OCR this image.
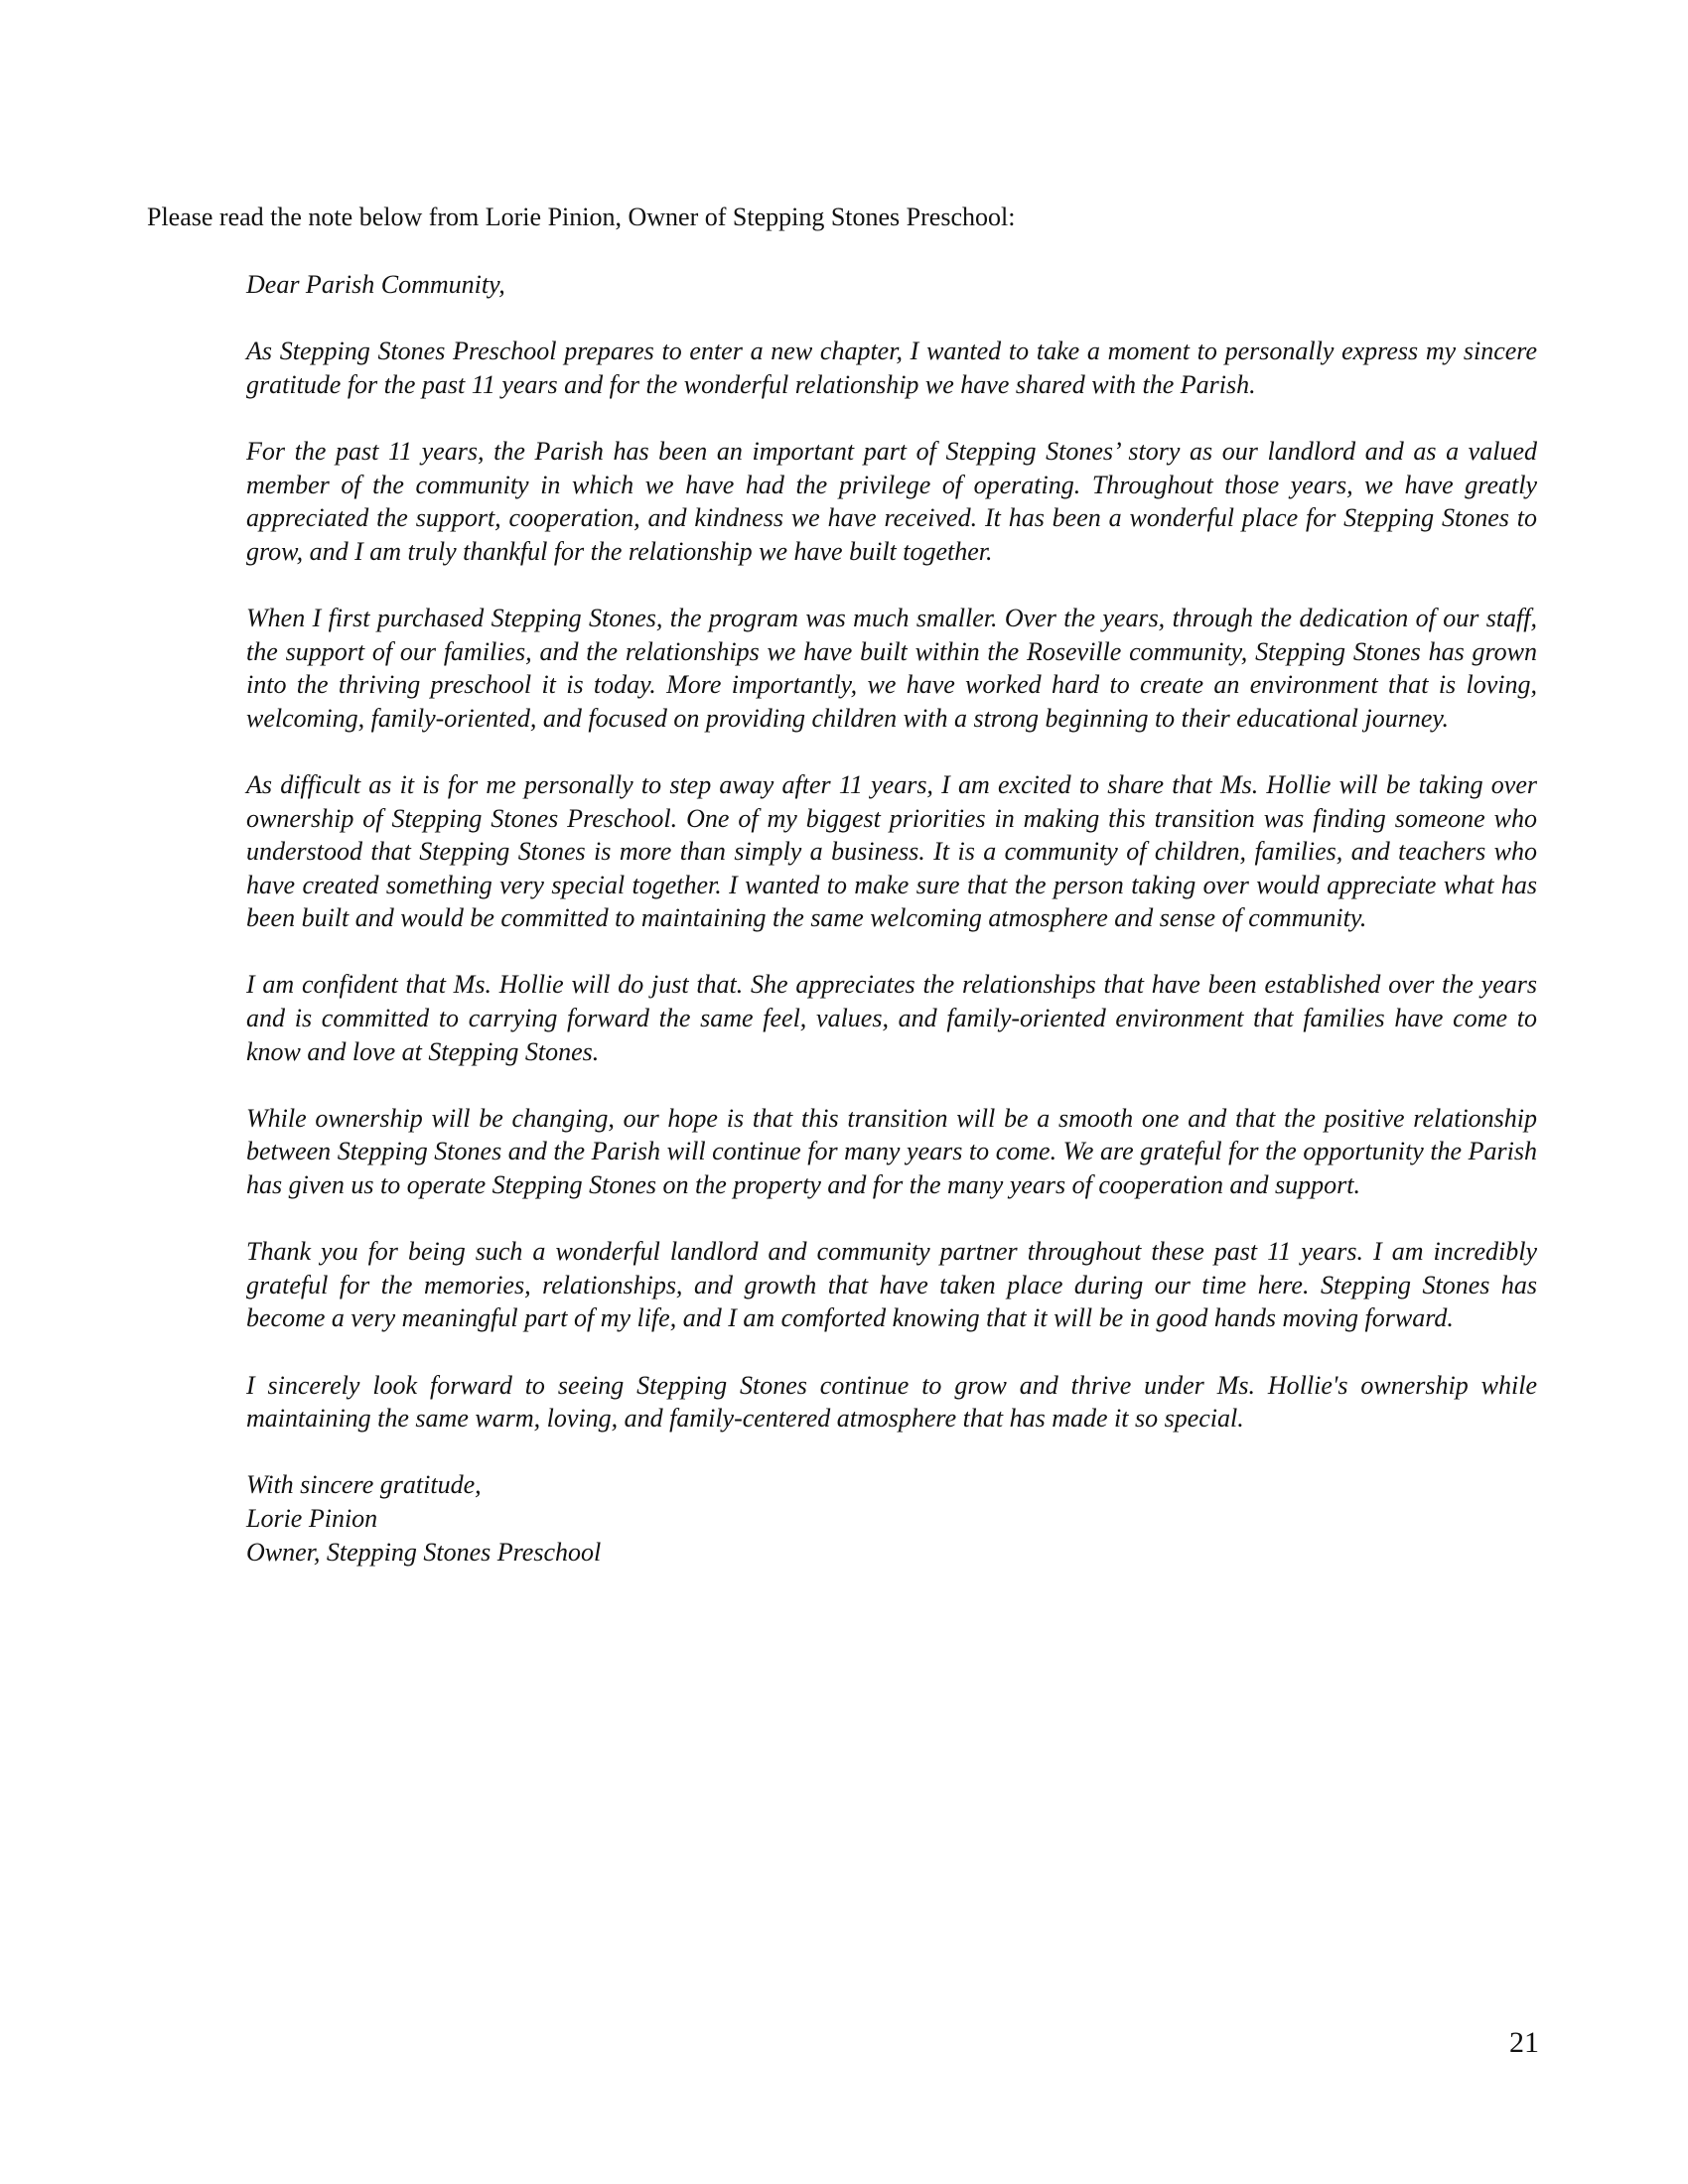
Please read the note below from Lorie Pinion, Owner of Stepping Stones Preschool:

Dear Parish Community,

As Stepping Stones Preschool prepares to enter a new chapter, I wanted to take a moment to personally express my sincere gratitude for the past 11 years and for the wonderful relationship we have shared with the Parish.

For the past 11 years, the Parish has been an important part of Stepping Stones’ story as our landlord and as a valued member of the community in which we have had the privilege of operating. Throughout those years, we have greatly appreciated the support, cooperation, and kindness we have received. It has been a wonderful place for Stepping Stones to grow, and I am truly thankful for the relationship we have built together.

When I first purchased Stepping Stones, the program was much smaller. Over the years, through the dedication of our staff, the support of our families, and the relationships we have built within the Roseville community, Stepping Stones has grown into the thriving preschool it is today. More importantly, we have worked hard to create an environment that is loving, welcoming, family-oriented, and focused on providing children with a strong beginning to their educational journey.

As difficult as it is for me personally to step away after 11 years, I am excited to share that Ms. Hollie will be taking over ownership of Stepping Stones Preschool. One of my biggest priorities in making this transition was finding someone who understood that Stepping Stones is more than simply a business. It is a community of children, families, and teachers who have created something very special together. I wanted to make sure that the person taking over would appreciate what has been built and would be committed to maintaining the same welcoming atmosphere and sense of community.

I am confident that Ms. Hollie will do just that. She appreciates the relationships that have been established over the years and is committed to carrying forward the same feel, values, and family-oriented environment that families have come to know and love at Stepping Stones.

While ownership will be changing, our hope is that this transition will be a smooth one and that the positive relationship between Stepping Stones and the Parish will continue for many years to come. We are grateful for the opportunity the Parish has given us to operate Stepping Stones on the property and for the many years of cooperation and support.

Thank you for being such a wonderful landlord and community partner throughout these past 11 years. I am incredibly grateful for the memories, relationships, and growth that have taken place during our time here. Stepping Stones has become a very meaningful part of my life, and I am comforted knowing that it will be in good hands moving forward.

I sincerely look forward to seeing Stepping Stones continue to grow and thrive under Ms. Hollie's ownership while maintaining the same warm, loving, and family-centered atmosphere that has made it so special.

With sincere gratitude,
Lorie Pinion
Owner, Stepping Stones Preschool

21
